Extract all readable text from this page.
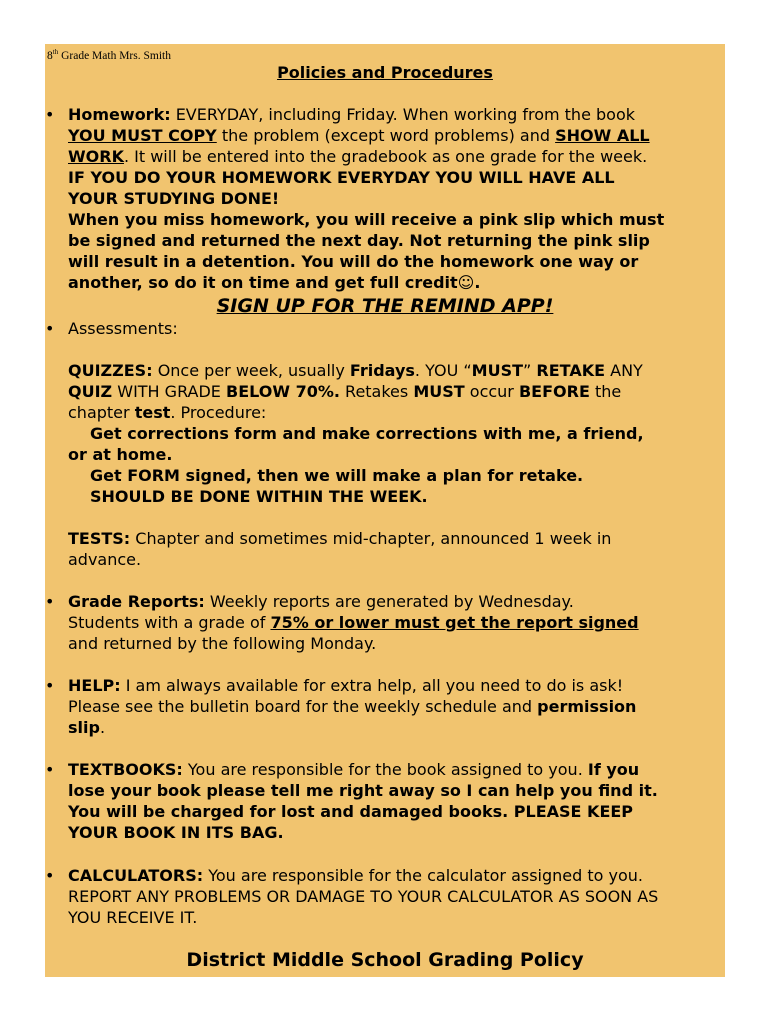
8th Grade Math Mrs. Smith
Policies and Procedures
• Homework: EVERYDAY, including Friday. When working from the book
YOU MUST COPY the problem (except word problems) and SHOW ALL
WORK. It will be entered into the gradebook as one grade for the week.
IF YOU DO YOUR HOMEWORK EVERYDAY YOU WILL HAVE ALL
YOUR STUDYING DONE!
When you miss homework, you will receive a pink slip which must
be signed and returned the next day. Not returning the pink slip
will result in a detention. You will do the homework one way or
another, so do it on time and get full credit☺.
SIGN UP FOR THE REMIND APP!
• Assessments:
QUIZZES: Once per week, usually Fridays. YOU “MUST” RETAKE ANY
QUIZ WITH GRADE BELOW 70%. Retakes MUST occur BEFORE the
chapter test. Procedure:
Get corrections form and make corrections with me, a friend,
or at home.
Get FORM signed, then we will make a plan for retake.
SHOULD BE DONE WITHIN THE WEEK.
TESTS: Chapter and sometimes mid-chapter, announced 1 week in
advance.
• Grade Reports: Weekly reports are generated by Wednesday.
Students with a grade of 75% or lower must get the report signed
and returned by the following Monday.
• HELP: I am always available for extra help, all you need to do is ask!
Please see the bulletin board for the weekly schedule and permission
slip.
• TEXTBOOKS: You are responsible for the book assigned to you. If you
lose your book please tell me right away so I can help you find it.
You will be charged for lost and damaged books. PLEASE KEEP
YOUR BOOK IN ITS BAG.
• CALCULATORS: You are responsible for the calculator assigned to you.
REPORT ANY PROBLEMS OR DAMAGE TO YOUR CALCULATOR AS SOON AS
YOU RECEIVE IT.
District Middle School Grading Policy
